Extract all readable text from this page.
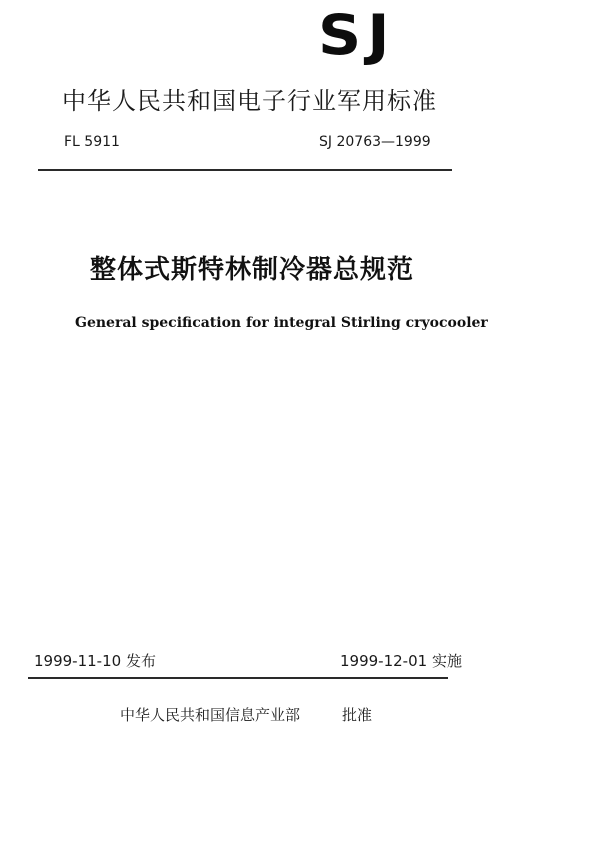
SJ
中华人民共和国电子行业军用标准
FL 5911	SJ 20763—1999
整体式斯特林制冷器总规范
General specification for integral Stirling cryocooler
1999-11-10 发布	1999-12-01 实施
中华人民共和国信息产业部	批准
